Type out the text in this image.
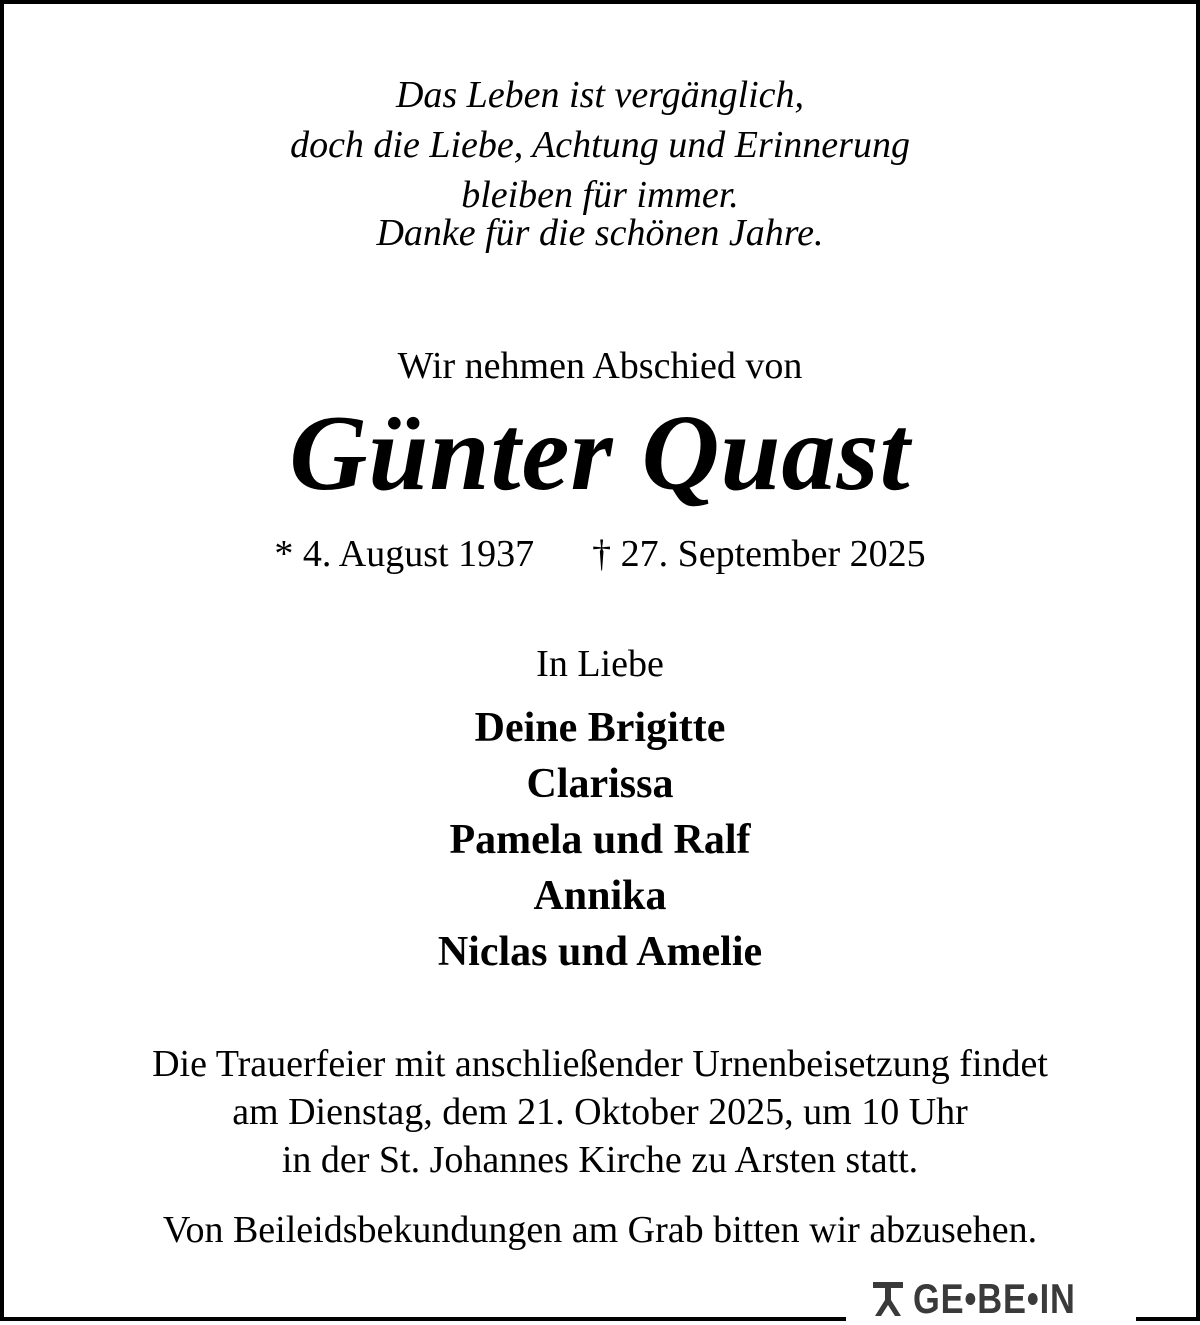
Das Leben ist vergänglich,
doch die Liebe, Achtung und Erinnerung
bleiben für immer.
Danke für die schönen Jahre.
Wir nehmen Abschied von
Günter Quast
* 4. August 1937 † 27. September 2025
In Liebe
Deine Brigitte
Clarissa
Pamela und Ralf
Annika
Niclas und Amelie
Die Trauerfeier mit anschließender Urnenbeisetzung findet
am Dienstag, dem 21. Oktober 2025, um 10 Uhr
in der St. Johannes Kirche zu Arsten statt.
Von Beileidsbekundungen am Grab bitten wir abzusehen.
GE•BE•IN
